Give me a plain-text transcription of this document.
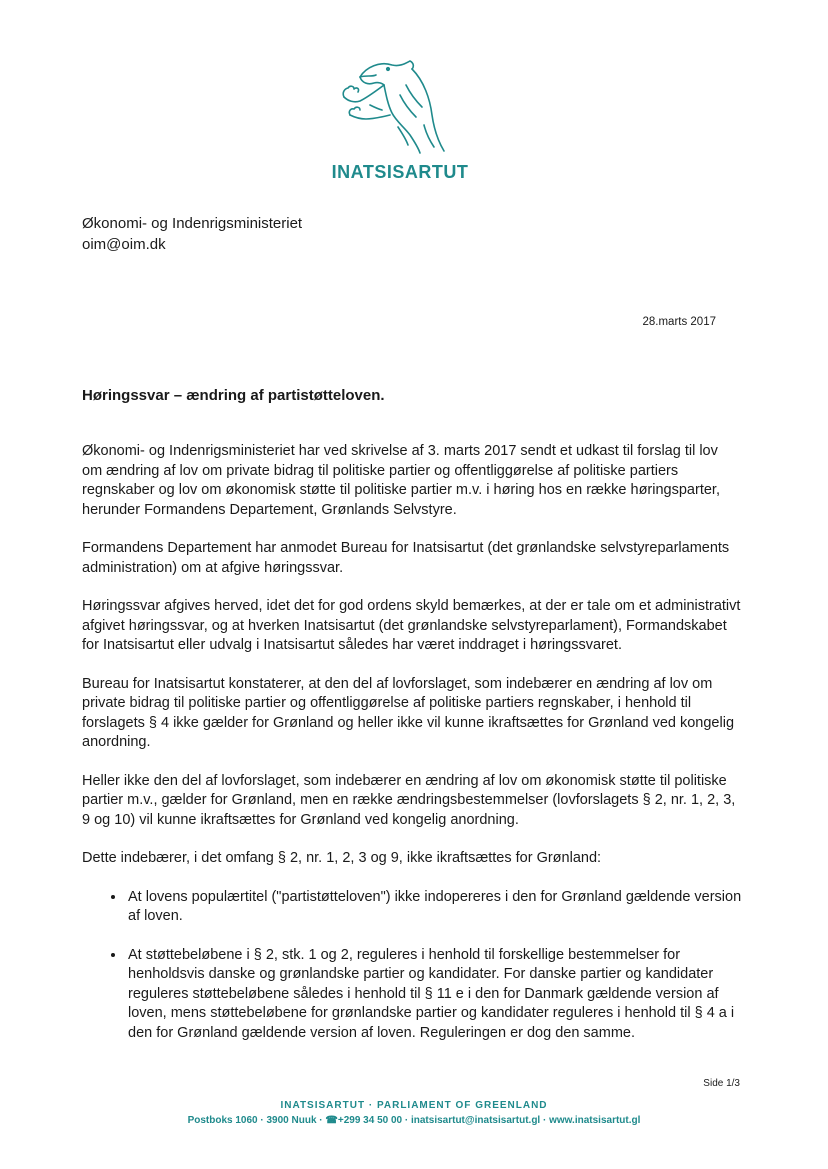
INATSISARTUT
Økonomi- og Indenrigsministeriet
oim@oim.dk
28.marts 2017
Høringssvar – ændring af partistøtteloven.

Økonomi- og Indenrigsministeriet har ved skrivelse af 3. marts 2017 sendt et udkast til forslag til lov om ændring af lov om private bidrag til politiske partier og offentliggørelse af politiske partiers regnskaber og lov om økonomisk støtte til politiske partier m.v. i høring hos en række høringsparter, herunder Formandens Departement, Grønlands Selvstyre.

Formandens Departement har anmodet Bureau for Inatsisartut (det grønlandske selvstyreparlaments administration) om at afgive høringssvar.

Høringssvar afgives herved, idet det for god ordens skyld bemærkes, at der er tale om et administrativt afgivet høringssvar, og at hverken Inatsisartut (det grønlandske selvstyreparlament), Formandskabet for Inatsisartut eller udvalg i Inatsisartut således har været inddraget i høringssvaret.

Bureau for Inatsisartut konstaterer, at den del af lovforslaget, som indebærer en ændring af lov om private bidrag til politiske partier og offentliggørelse af politiske partiers regnskaber, i henhold til forslagets § 4 ikke gælder for Grønland og heller ikke vil kunne ikraftsættes for Grønland ved kongelig anordning.

Heller ikke den del af lovforslaget, som indebærer en ændring af lov om økonomisk støtte til politiske partier m.v., gælder for Grønland, men en række ændringsbestemmelser (lovforslagets § 2, nr. 1, 2, 3, 9 og 10) vil kunne ikraftsættes for Grønland ved kongelig anordning.

Dette indebærer, i det omfang § 2, nr. 1, 2, 3 og 9, ikke ikraftsættes for Grønland:

• At lovens populærtitel ("partistøtteloven") ikke indopereres i den for Grønland gældende version af loven.
• At støttebeløbene i § 2, stk. 1 og 2, reguleres i henhold til forskellige bestemmelser for henholdsvis danske og grønlandske partier og kandidater. For danske partier og kandidater reguleres støttebeløbene således i henhold til § 11 e i den for Danmark gældende version af loven, mens støttebeløbene for grønlandske partier og kandidater reguleres i henhold til § 4 a i den for Grønland gældende version af loven. Reguleringen er dog den samme.
Side 1/3
INATSISARTUT · PARLIAMENT OF GREENLAND
Postboks 1060 · 3900 Nuuk · ☎+299 34 50 00 · inatsisartut@inatsisartut.gl · www.inatsisartut.gl
